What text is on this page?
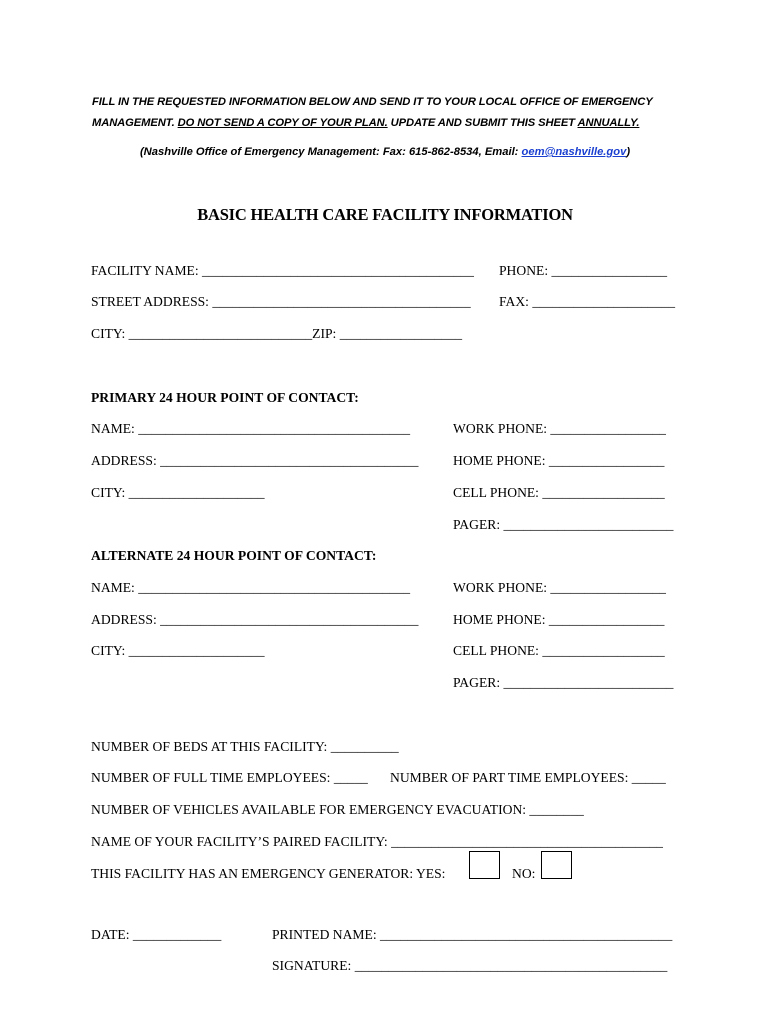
FILL IN THE REQUESTED INFORMATION BELOW AND SEND IT TO YOUR LOCAL OFFICE OF EMERGENCY
MANAGEMENT. DO NOT SEND A COPY OF YOUR PLAN. UPDATE AND SUBMIT THIS SHEET ANNUALLY.
(Nashville Office of Emergency Management: Fax: 615-862-8534, Email: oem@nashville.gov)
BASIC HEALTH CARE FACILITY INFORMATION
FACILITY NAME: ________________________________________ PHONE: _________________
STREET ADDRESS: ______________________________________ FAX: _____________________
CITY: ___________________________ZIP: __________________
PRIMARY 24 HOUR POINT OF CONTACT:
NAME: ________________________________________	WORK PHONE: _________________
ADDRESS: ______________________________________	HOME PHONE: _________________
CITY: ____________________	CELL PHONE: __________________
PAGER: _________________________
ALTERNATE 24 HOUR POINT OF CONTACT:
NAME: ________________________________________	WORK PHONE: _________________
ADDRESS: ______________________________________	HOME PHONE: _________________
CITY: ____________________	CELL PHONE: __________________
PAGER: _________________________
NUMBER OF BEDS AT THIS FACILITY: __________
NUMBER OF FULL TIME EMPLOYEES: _____ NUMBER OF PART TIME EMPLOYEES: _____
NUMBER OF VEHICLES AVAILABLE FOR EMERGENCY EVACUATION: ________
NAME OF YOUR FACILITY’S PAIRED FACILITY: ________________________________________
THIS FACILITY HAS AN EMERGENCY GENERATOR: YES:	NO:
DATE: _____________	PRINTED NAME: ___________________________________________
SIGNATURE: ______________________________________________
